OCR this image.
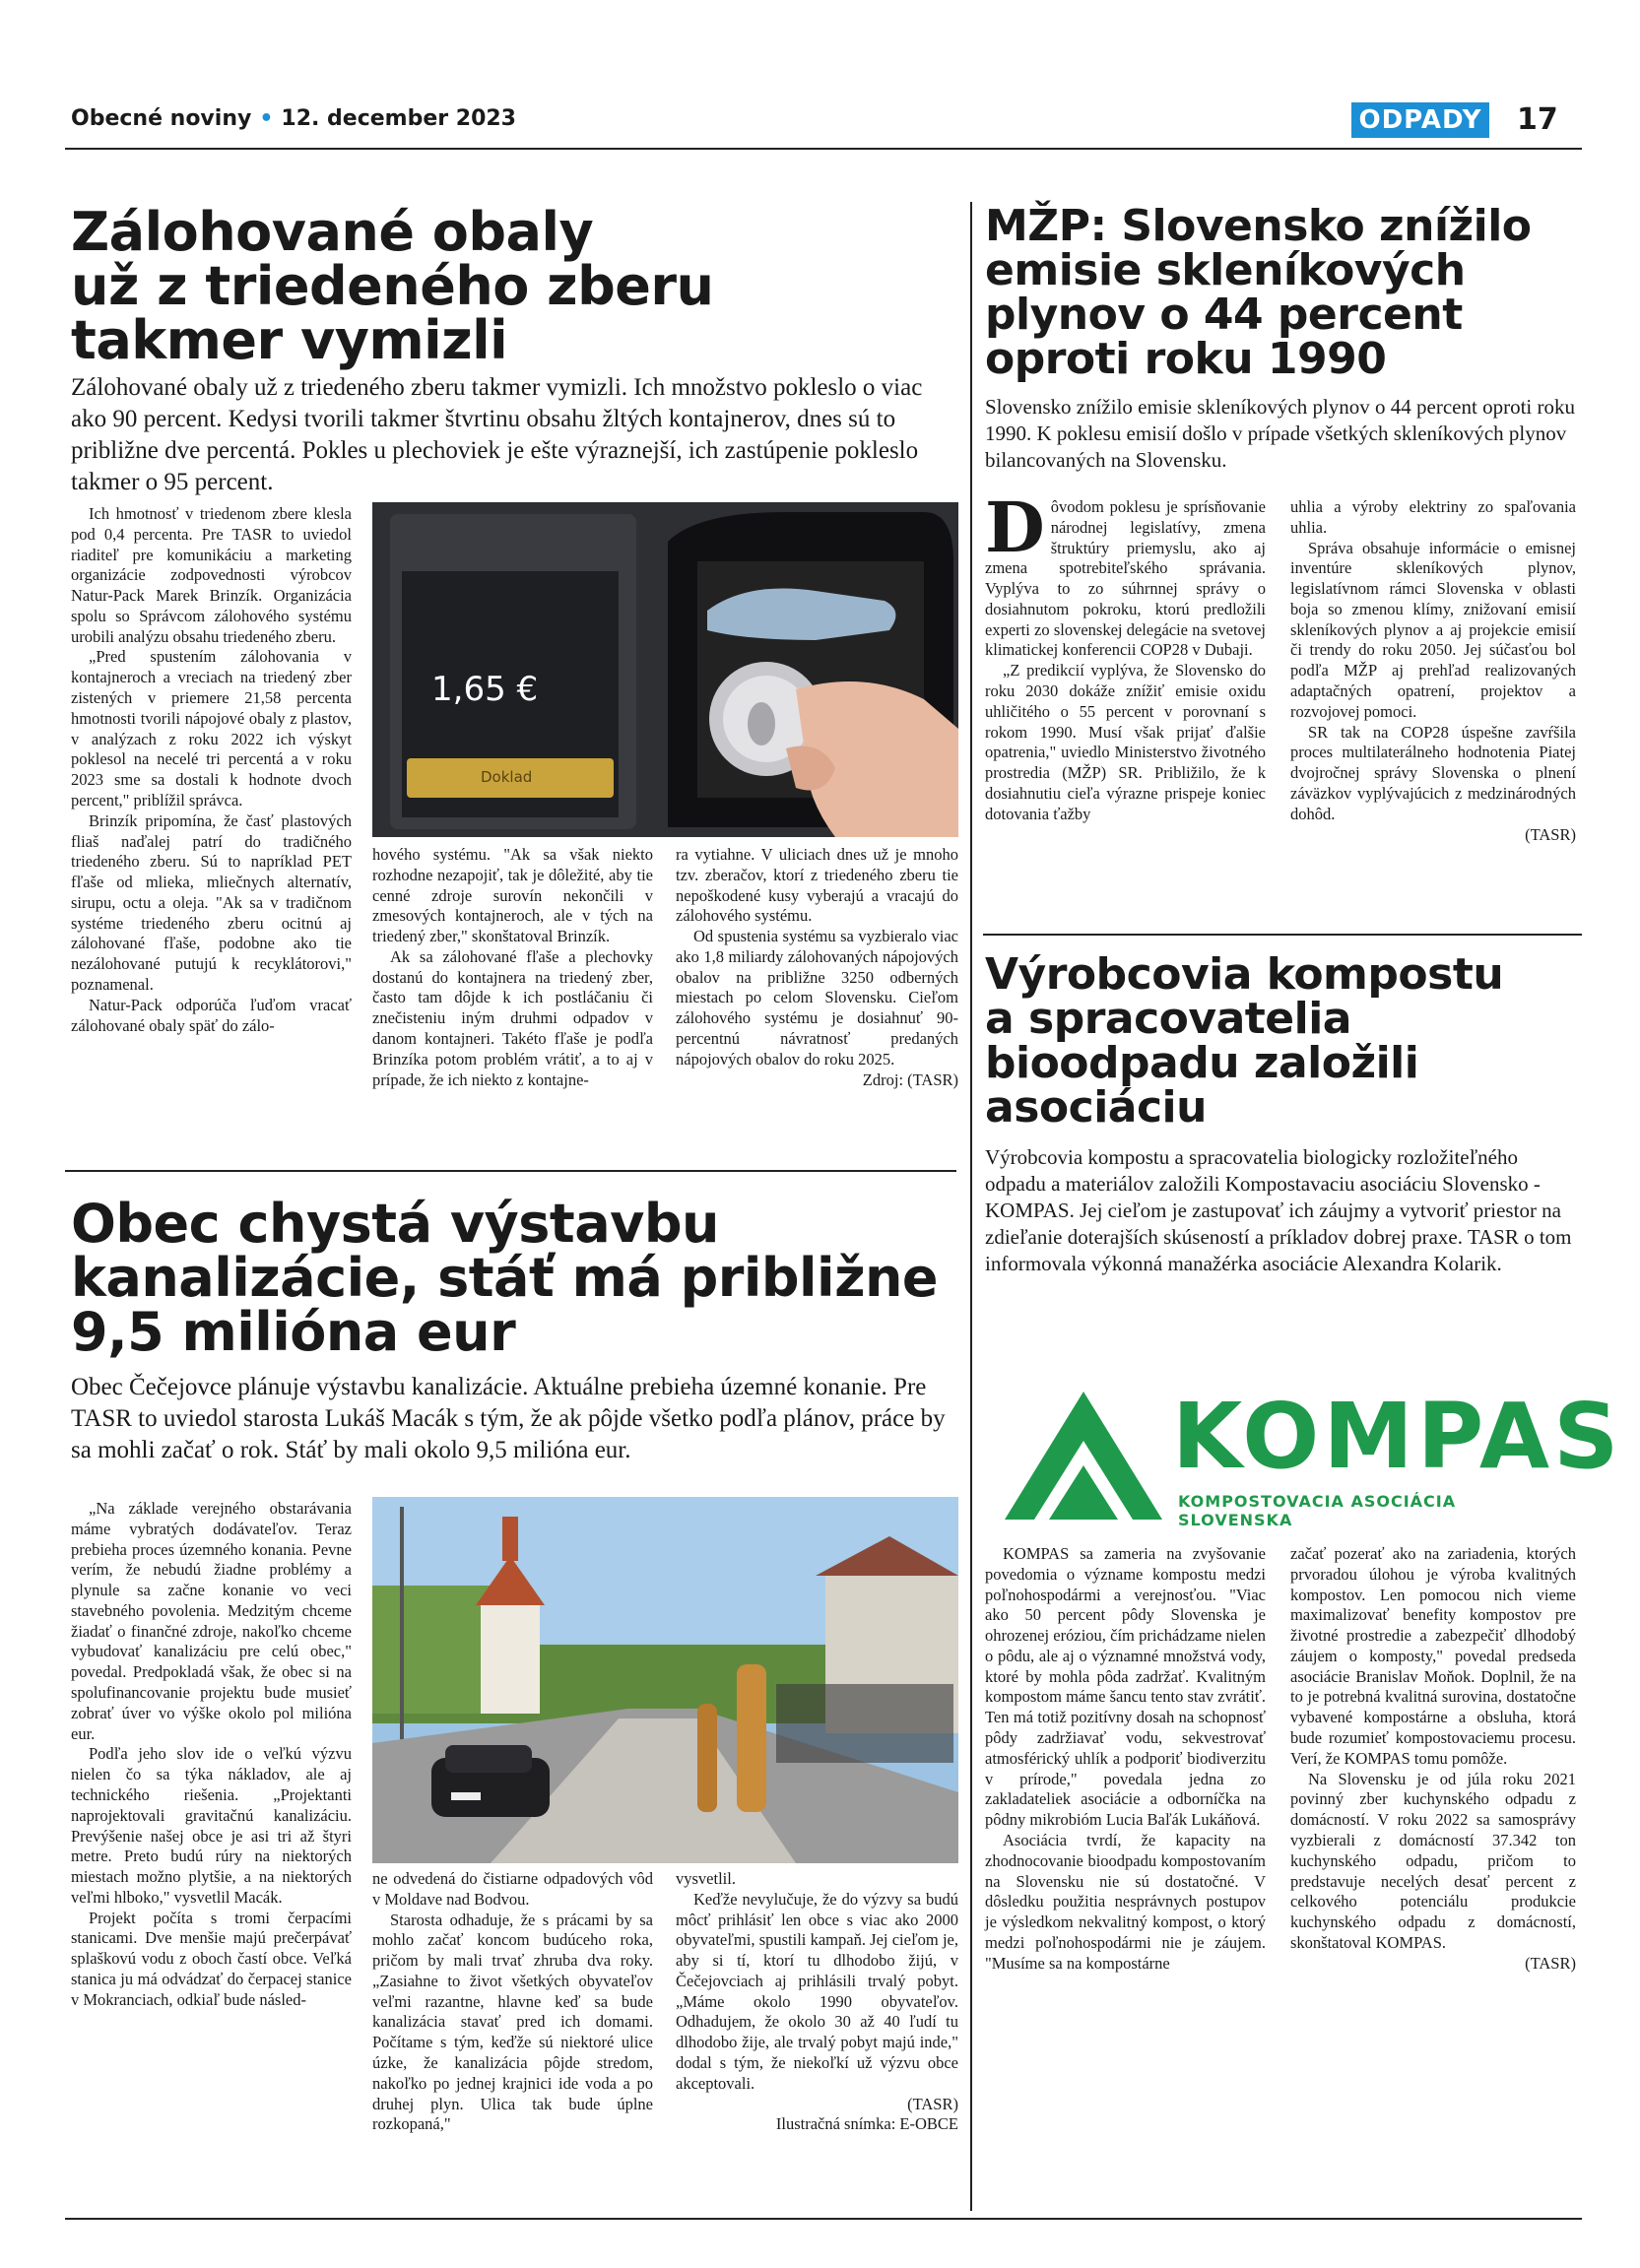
Obecné noviny • 12. december 2023	ODPADY 17
Zálohované obaly
už z triedeného zberu
takmer vymizli

Zálohované obaly už z triedeného zberu takmer vymizli. Ich množstvo pokleslo o viac ako 90 percent. Kedysi tvorili takmer štvrtinu obsahu žltých kontajnerov, dnes sú to približne dve percentá. Pokles u plechoviek je ešte výraznejší, ich zastúpenie pokleslo takmer o 95 percent.

Ich hmotnosť v triedenom zbere klesla pod 0,4 percenta. Pre TASR to uviedol riaditeľ pre komunikáciu a marketing organizácie zodpovednosti výrobcov Natur-Pack Marek Brinzík. Organizácia spolu so Správcom zálohového systému urobili analýzu obsahu triedeného zberu.

„Pred spustením zálohovania v kontajneroch a vreciach na triedený zber zistených v priemere 21,58 percenta hmotnosti tvorili nápojové obaly z plastov, v analýzach z roku 2022 ich výskyt poklesol na necelé tri percentá a v roku 2023 sme sa dostali k hodnote dvoch percent," priblížil správca.

Brinzík pripomína, že časť plastových fliaš naďalej patrí do tradičného triedeného zberu. Sú to napríklad PET fľaše od mlieka, mliečnych alternatív, sirupu, octu a oleja. "Ak sa v tradičnom systéme triedeného zberu ocitnú aj zálohované fľaše, podobne ako tie nezálohované putujú k recyklátorovi," poznamenal.

Natur-Pack odporúča ľuďom vracať zálohované obaly späť do zálo-

1,65 €
Doklad

hového systému. "Ak sa však niekto rozhodne nezapojiť, tak je dôležité, aby tie cenné zdroje surovín nekončili v zmesových kontajneroch, ale v tých na triedený zber," skonštatoval Brinzík.

Ak sa zálohované fľaše a plechovky dostanú do kontajnera na triedený zber, často tam dôjde k ich postláčaniu či znečisteniu iným druhmi odpadov v danom kontajneri. Takéto fľaše je podľa Brinzíka potom problém vrátiť, a to aj v prípade, že ich niekto z kontajne-

ra vytiahne. V uliciach dnes už je mnoho tzv. zberačov, ktorí z triedeného zberu tie nepoškodené kusy vyberajú a vracajú do zálohového systému.

Od spustenia systému sa vyzbieralo viac ako 1,8 miliardy zálohovaných nápojových obalov na približne 3250 odberných miestach po celom Slovensku. Cieľom zálohového systému je dosiahnuť 90-percentnú návratnosť predaných nápojových obalov do roku 2025.

Zdroj: (TASR)
Obec chystá výstavbu
kanalizácie, stáť má približne
9,5 milióna eur

Obec Čečejovce plánuje výstavbu kanalizácie. Aktuálne prebieha územné konanie. Pre TASR to uviedol starosta Lukáš Macák s tým, že ak pôjde všetko podľa plánov, práce by sa mohli začať o rok. Stáť by mali okolo 9,5 milióna eur.

„Na základe verejného obstarávania máme vybratých dodávateľov. Teraz prebieha proces územného konania. Pevne verím, že nebudú žiadne problémy a plynule sa začne konanie vo veci stavebného povolenia. Medzitým chceme žiadať o finančné zdroje, nakoľko chceme vybudovať kanalizáciu pre celú obec," povedal. Predpokladá však, že obec si na spolufinancovanie projektu bude musieť zobrať úver vo výške okolo pol milióna eur.

Podľa jeho slov ide o veľkú výzvu nielen čo sa týka nákladov, ale aj technického riešenia. „Projektanti naprojektovali gravitačnú kanalizáciu. Prevýšenie našej obce je asi tri až štyri metre. Preto budú rúry na niektorých miestach možno plytšie, a na niektorých veľmi hlboko," vysvetlil Macák.

Projekt počíta s tromi čerpacími stanicami. Dve menšie majú prečerpávať splaškovú vodu z oboch častí obce. Veľká stanica ju má odvádzať do čerpacej stanice v Mokranciach, odkiaľ bude násled-

ne odvedená do čistiarne odpadových vôd v Moldave nad Bodvou.

Starosta odhaduje, že s prácami by sa mohlo začať koncom budúceho roka, pričom by mali trvať zhruba dva roky. „Zasiahne to život všetkých obyvateľov veľmi razantne, hlavne keď sa bude kanalizácia stavať pred ich domami. Počítame s tým, keďže sú niektoré ulice úzke, že kanalizácia pôjde stredom, nakoľko po jednej krajnici ide voda a po druhej plyn. Ulica tak bude úplne rozkopaná,"

vysvetlil.

Keďže nevylučuje, že do výzvy sa budú môcť prihlásiť len obce s viac ako 2000 obyvateľmi, spustili kampaň. Jej cieľom je, aby si tí, ktorí tu dlhodobo žijú, v Čečejovciach aj prihlásili trvalý pobyt. „Máme okolo 1990 obyvateľov. Odhadujem, že okolo 30 až 40 ľudí tu dlhodobo žije, ale trvalý pobyt majú inde," dodal s tým, že niekoľkí už výzvu obce akceptovali.

(TASR)
Ilustračná snímka: E-OBCE
MŽP: Slovensko znížilo
emisie skleníkových
plynov o 44 percent
oproti roku 1990

Slovensko znížilo emisie skleníkových plynov o 44 percent oproti roku 1990. K poklesu emisií došlo v prípade všetkých skleníkových plynov bilancovaných na Slovensku.

Dôvodom poklesu je sprísňovanie národnej legislatívy, zmena štruktúry priemyslu, ako aj zmena spotrebiteľského správania. Vyplýva to zo súhrnnej správy o dosiahnutom pokroku, ktorú predložili experti zo slovenskej delegácie na svetovej klimatickej konferencii COP28 v Dubaji.

„Z predikcií vyplýva, že Slovensko do roku 2030 dokáže znížiť emisie oxidu uhličitého o 55 percent v porovnaní s rokom 1990. Musí však prijať ďalšie opatrenia," uviedlo Ministerstvo životného prostredia (MŽP) SR. Približilo, že k dosiahnutiu cieľa výrazne prispeje koniec dotovania ťažby

uhlia a výroby elektriny zo spaľovania uhlia.

Správa obsahuje informácie o emisnej inventúre skleníkových plynov, legislatívnom rámci Slovenska v oblasti boja so zmenou klímy, znižovaní emisií skleníkových plynov a aj projekcie emisií či trendy do roku 2050. Jej súčasťou bol podľa MŽP aj prehľad realizovaných adaptačných opatrení, projektov a rozvojovej pomoci.

SR tak na COP28 úspešne zavŕšila proces multilaterálneho hodnotenia Piatej dvojročnej správy Slovenska o plnení záväzkov vyplývajúcich z medzinárodných dohôd.

(TASR)
Výrobcovia kompostu
a spracovatelia
bioodpadu založili
asociáciu

Výrobcovia kompostu a spracovatelia biologicky rozložiteľného odpadu a materiálov založili Kompostavaciu asociáciu Slovensko - KOMPAS. Jej cieľom je zastupovať ich záujmy a vytvoriť priestor na zdieľanie doterajších skúseností a príkladov dobrej praxe. TASR o tom informovala výkonná manažérka asociácie Alexandra Kolarik.

KOMPAS
KOMPOSTOVACIA ASOCIÁCIA SLOVENSKA

KOMPAS sa zameria na zvyšovanie povedomia o význame kompostu medzi poľnohospodármi a verejnosťou. "Viac ako 50 percent pôdy Slovenska je ohrozenej eróziou, čím prichádzame nielen o pôdu, ale aj o významné množstvá vody, ktoré by mohla pôda zadržať. Kvalitným kompostom máme šancu tento stav zvrátiť. Ten má totiž pozitívny dosah na schopnosť pôdy zadržiavať vodu, sekvestrovať atmosférický uhlík a podporiť biodiverzitu v prírode," povedala jedna zo zakladateliek asociácie a odborníčka na pôdny mikrobióm Lucia Baľák Lukáňová.

Asociácia tvrdí, že kapacity na zhodnocovanie bioodpadu kompostovaním na Slovensku nie sú dostatočné. V dôsledku použitia nesprávnych postupov je výsledkom nekvalitný kompost, o ktorý medzi poľnohospodármi nie je záujem. "Musíme sa na kompostárne

začať pozerať ako na zariadenia, ktorých prvoradou úlohou je výroba kvalitných kompostov. Len pomocou nich vieme maximalizovať benefity kompostov pre životné prostredie a zabezpečiť dlhodobý záujem o komposty," povedal predseda asociácie Branislav Moňok. Doplnil, že na to je potrebná kvalitná surovina, dostatočne vybavené kompostárne a obsluha, ktorá bude rozumieť kompostovaciemu procesu. Verí, že KOMPAS tomu pomôže.

Na Slovensku je od júla roku 2021 povinný zber kuchynského odpadu z domácností. V roku 2022 sa samosprávy vyzbierali z domácností 37.342 ton kuchynského odpadu, pričom to predstavuje necelých desať percent z celkového potenciálu produkcie kuchynského odpadu z domácností, skonštatoval KOMPAS.

(TASR)
